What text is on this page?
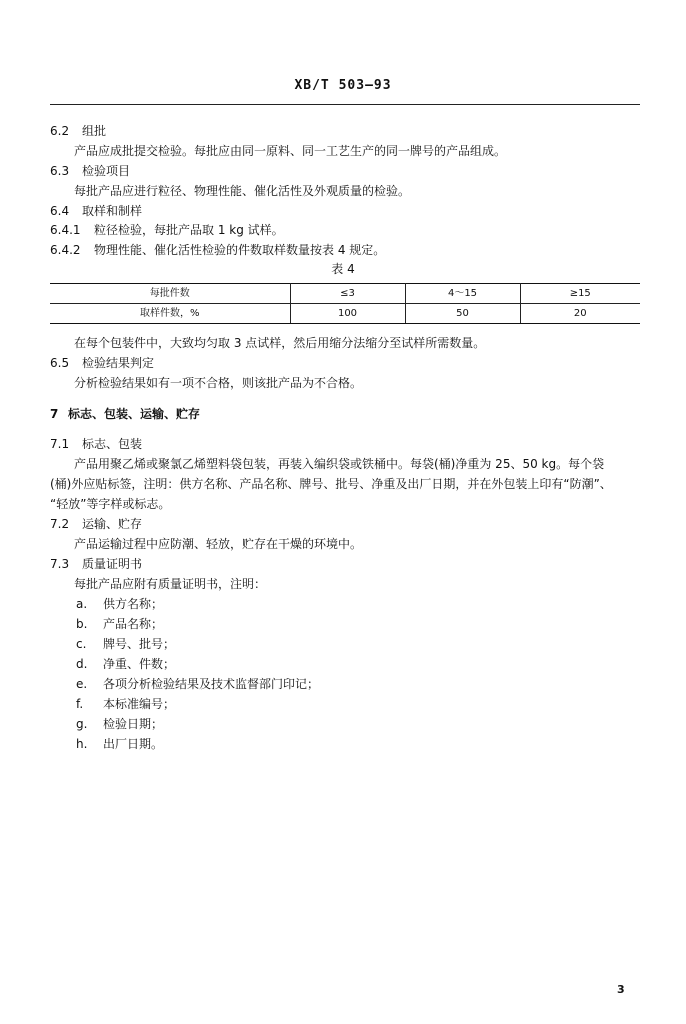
XB/T 503—93
6.2 组批
产品应成批提交检验。每批应由同一原料、同一工艺生产的同一牌号的产品组成。
6.3 检验项目
每批产品应进行粒径、物理性能、催化活性及外观质量的检验。
6.4 取样和制样
6.4.1 粒径检验，每批产品取 1 kg 试样。
6.4.2 物理性能、催化活性检验的件数取样数量按表 4 规定。
表 4
每批件数	≤3	4～15	≥15
取样件数，%	100	50	20
在每个包装件中，大致均匀取 3 点试样，然后用缩分法缩分至试样所需数量。
6.5 检验结果判定
分析检验结果如有一项不合格，则该批产品为不合格。
7 标志、包装、运输、贮存
7.1 标志、包装
产品用聚乙烯或聚氯乙烯塑料袋包装，再装入编织袋或铁桶中。每袋(桶)净重为 25、50 kg。每个袋
(桶)外应贴标签，注明：供方名称、产品名称、牌号、批号、净重及出厂日期，并在外包装上印有“防潮”、
“轻放”等字样或标志。
7.2 运输、贮存
产品运输过程中应防潮、轻放，贮存在干燥的环境中。
7.3 质量证明书
每批产品应附有质量证明书，注明：
a. 供方名称；
b. 产品名称；
c. 牌号、批号；
d. 净重、件数；
e. 各项分析检验结果及技术监督部门印记；
f. 本标准编号；
g. 检验日期；
h. 出厂日期。
3
